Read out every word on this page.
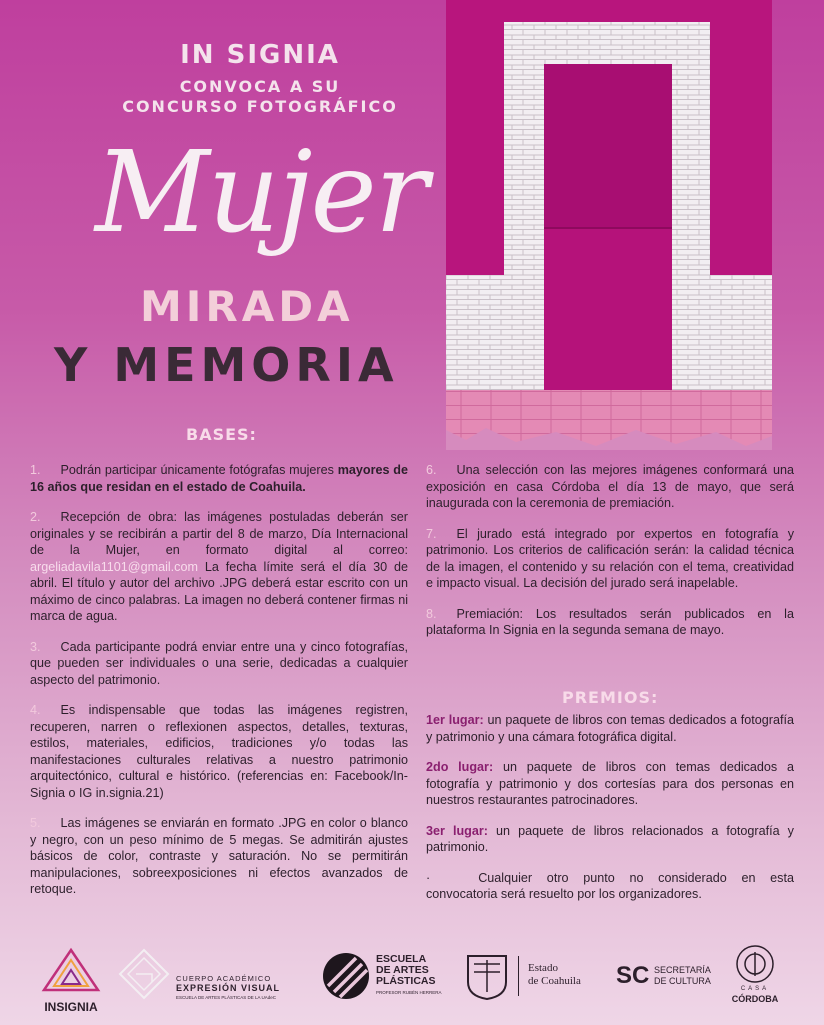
IN SIGNIA
CONVOCA A SU
CONCURSO FOTOGRÁFICO
Mujer
MIRADA
Y MEMORIA
BASES:

1. Podrán participar únicamente fotógrafas mujeres mayores de 16 años que residan en el estado de Coahuila.

2. Recepción de obra: las imágenes postuladas deberán ser originales y se recibirán a partir del 8 de marzo, Día Internacional de la Mujer, en formato digital al correo: argeliadavila1101@gmail.com La fecha límite será el día 30 de abril. El título y autor del archivo .JPG deberá estar escrito con un máximo de cinco palabras. La imagen no deberá contener firmas ni marca de agua.

3. Cada participante podrá enviar entre una y cinco fotografías, que pueden ser individuales o una serie, dedicadas a cualquier aspecto del patrimonio.

4. Es indispensable que todas las imágenes registren, recuperen, narren o reflexionen aspectos, detalles, texturas, estilos, materiales, edificios, tradiciones y/o todas las manifestaciones culturales relativas a nuestro patrimonio arquitectónico, cultural e histórico. (referencias en: Facebook/In-Signia o IG in.signia.21)

5. Las imágenes se enviarán en formato .JPG en color o blanco y negro, con un peso mínimo de 5 megas. Se admitirán ajustes básicos de color, contraste y saturación. No se permitirán manipulaciones, sobreexposiciones ni efectos avanzados de retoque.

6. Una selección con las mejores imágenes conformará una exposición en casa Córdoba el día 13 de mayo, que será inaugurada con la ceremonia de premiación.

7. El jurado está integrado por expertos en fotografía y patrimonio. Los criterios de calificación serán: la calidad técnica de la imagen, el contenido y su relación con el tema, creatividad e impacto visual. La decisión del jurado será inapelable.

8. Premiación: Los resultados serán publicados en la plataforma In Signia en la segunda semana de mayo.

PREMIOS:

1er lugar: un paquete de libros con temas dedicados a fotografía y patrimonio y una cámara fotográfica digital.

2do lugar: un paquete de libros con temas dedicados a fotografía y patrimonio y dos cortesías para dos personas en nuestros restaurantes patrocinadores.

3er lugar: un paquete de libros relacionados a fotografía y patrimonio.

·	Cualquier otro punto no considerado en esta convocatoria será resuelto por los organizadores.

INSIGNIA
CUERPO ACADÉMICO
EXPRESIÓN VISUAL
ESCUELA DE ARTES PLÁSTICAS DE LA UAdeC
ESCUELA
DE ARTES
PLÁSTICAS
PROFESOR RUBÉN HERRERA
Estado
de Coahuila SC SECRETARÍA
DE CULTURA
CASA
CÓRDOBA
